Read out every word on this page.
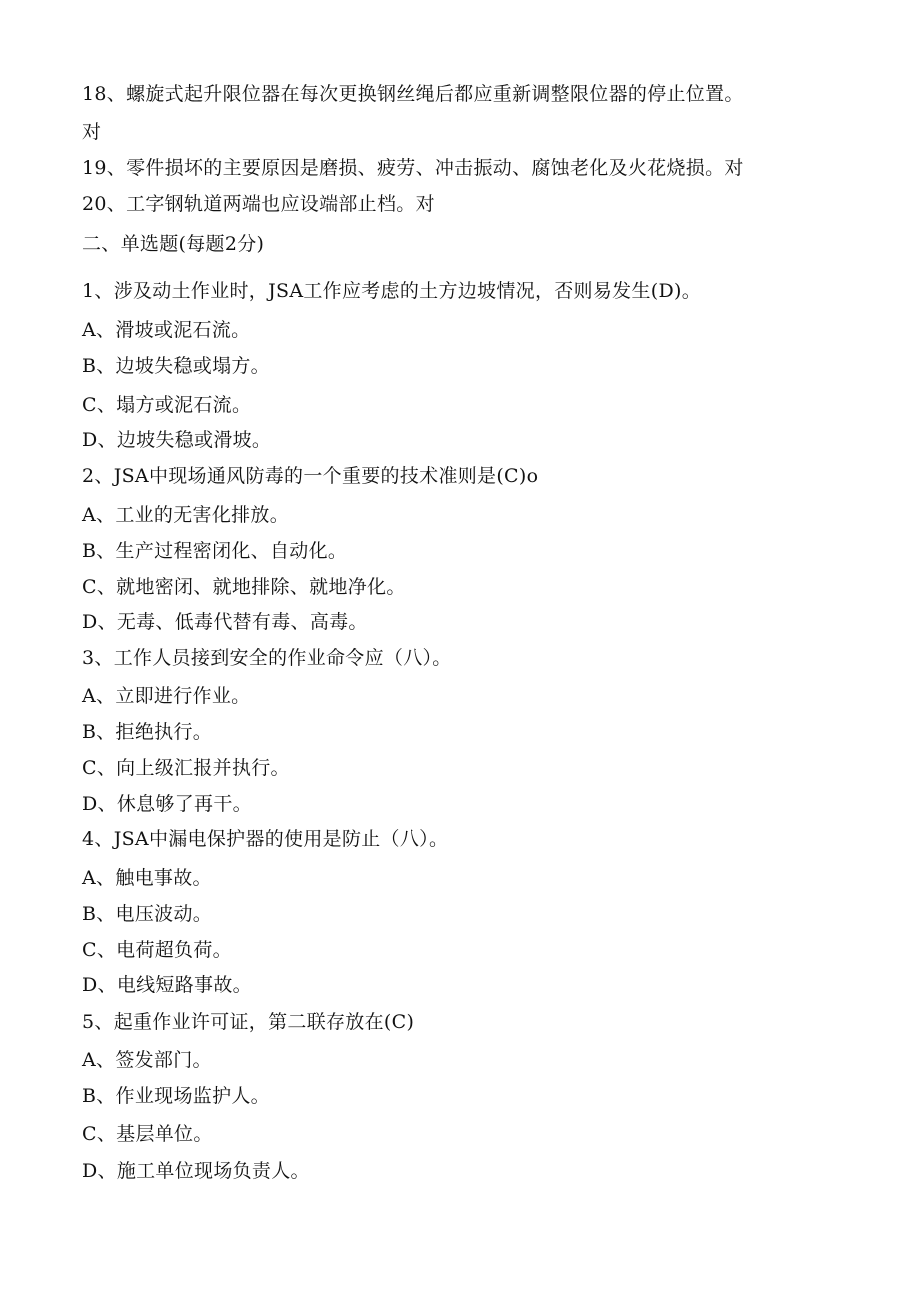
18、螺旋式起升限位器在每次更换钢丝绳后都应重新调整限位器的停止位置。
对
19、零件损坏的主要原因是磨损、疲劳、冲击振动、腐蚀老化及火花烧损。对
20、工字钢轨道两端也应设端部止档。对
二、单选题(每题2分)
1、涉及动土作业时，JSA工作应考虑的土方边坡情况，否则易发生(D)。
A、滑坡或泥石流。
B、边坡失稳或塌方。
C、塌方或泥石流。
D、边坡失稳或滑坡。
2、JSA中现场通风防毒的一个重要的技术准则是(C)o
A、工业的无害化排放。
B、生产过程密闭化、自动化。
C、就地密闭、就地排除、就地净化。
D、无毒、低毒代替有毒、高毒。
3、工作人员接到安全的作业命令应（八）。
A、立即进行作业。
B、拒绝执行。
C、向上级汇报并执行。
D、休息够了再干。
4、JSA中漏电保护器的使用是防止（八）。
A、触电事故。
B、电压波动。
C、电荷超负荷。
D、电线短路事故。
5、起重作业许可证，第二联存放在(C)
A、签发部门。
B、作业现场监护人。
C、基层单位。
D、施工单位现场负责人。
